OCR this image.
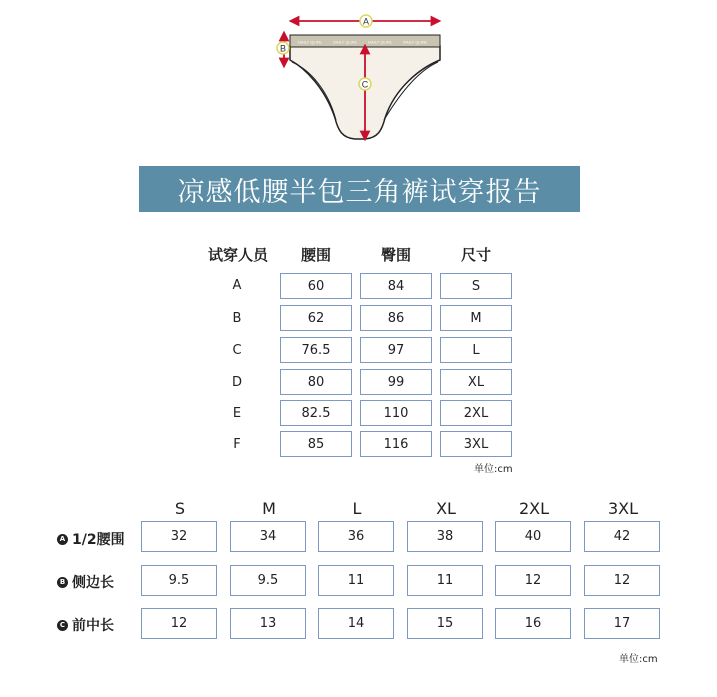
DAILY QLIFE	DAILY QLIFE	DAILY QLIFE	DAILY QLIFE
A
B
C
凉感低腰半包三角裤试穿报告
试穿人员	腰围	臀围	尺寸
A	60	84	S
B	62	86	M
C	76.5	97	L
D	80	99	XL
E	82.5	110	2XL
F	85	116	3XL
单位:cm
S	M	L	XL	2XL	3XL
A 1/2腰围	32	34	36	38	40	42
B 侧边长	9.5	9.5	11	11	12	12
C 前中长	12	13	14	15	16	17
单位:cm
